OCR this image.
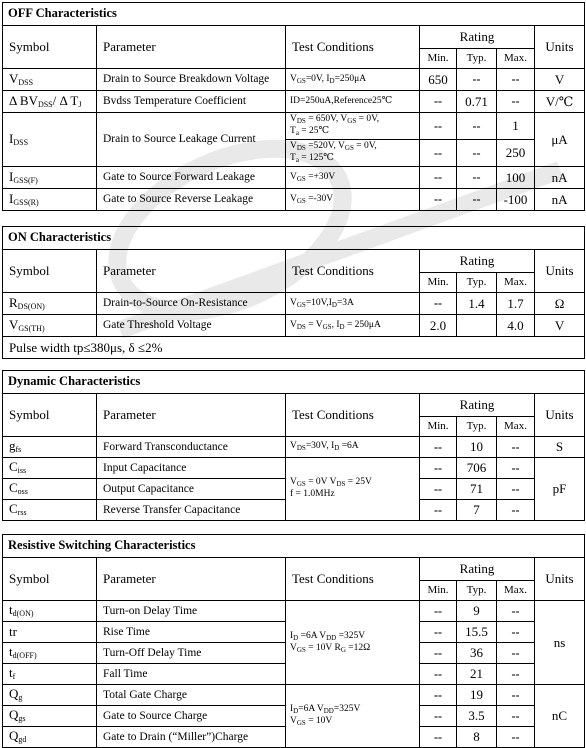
OFF Characteristics						
Symbol	Parameter	Test Conditions	Rating			Units
			Min.	Typ.	Max.	
$V_{DSS}$	Drain to Source Breakdown Voltage	$V_{GS}=0V$, $I_D=250\mu A$	650	--	--	V
Δ $BV_{DSS}/$ Δ $T_J$	Bvdss Temperature Coefficient	ID=250uA,Reference25℃	--	0.71	--	V/℃
$I_{DSS}$	Drain to Source Leakage Current	$V_{DS} = 650V$, $V_{GS} = 0V$,
$T_a$ = 25℃	--	--	1	μA
		$V_{DS} =520V$, $V_{GS} = 0V$,
$T_a$ = 125℃	--	--	250	
$I_{GSS(F)}$	Gate to Source Forward Leakage	$V_{GS} =+30V$	--	--	100	nA
$I_{GSS(R)}$	Gate to Source Reverse Leakage	$V_{GS} =-30V$	--	--	-100	nA
ON Characteristics						
Symbol	Parameter	Test Conditions	Rating			Units
			Min.	Typ.	Max.	
$R_{DS(ON)}$	Drain-to-Source On-Resistance	$V_{GS}=10V,I_D=3A$	--	1.4	1.7	Ω
$V_{GS(TH)}$	Gate Threshold Voltage	$V_{DS} = V_{GS}$, $I_D = 250\mu A$	2.0		4.0	V
Pulse width tp≤380μs, δ ≤2%						
Dynamic Characteristics						
Symbol	Parameter	Test Conditions	Rating			Units
			Min.	Typ.	Max.	
$g_{fs}$	Forward Transconductance	$V_{DS}=30V$, $I_D =6A$	--	10	--	S
$C_{iss}$	Input Capacitance	$V_{GS} = 0V$ $V_{DS} = 25V$
f = 1.0MHz	--	706	--	pF
$C_{oss}$	Output Capacitance		--	71	--	
$C_{rss}$	Reverse Transfer Capacitance		--	7	--	
Resistive Switching Characteristics						
Symbol	Parameter	Test Conditions	Rating			Units
			Min.	Typ.	Max.	
$t_{d(ON)}$	Turn-on Delay Time	$I_D =6A$ $V_{DD} =325V$
$V_{GS} = 10V$ $R_G =12\Omega$	--	9	--	ns
tr	Rise Time		--	15.5	--	
$t_{d(OFF)}$	Turn-Off Delay Time		--	36	--	
$t_f$	Fall Time		--	21	--	
$Q_g$	Total Gate Charge	$I_D=6A$ $V_{DD}=325V$
$V_{GS} = 10V$	--	19	--	nC
$Q_{gs}$	Gate to Source Charge		--	3.5	--	
$Q_{gd}$	Gate to Drain (“Miller”)Charge		--	8	--	
